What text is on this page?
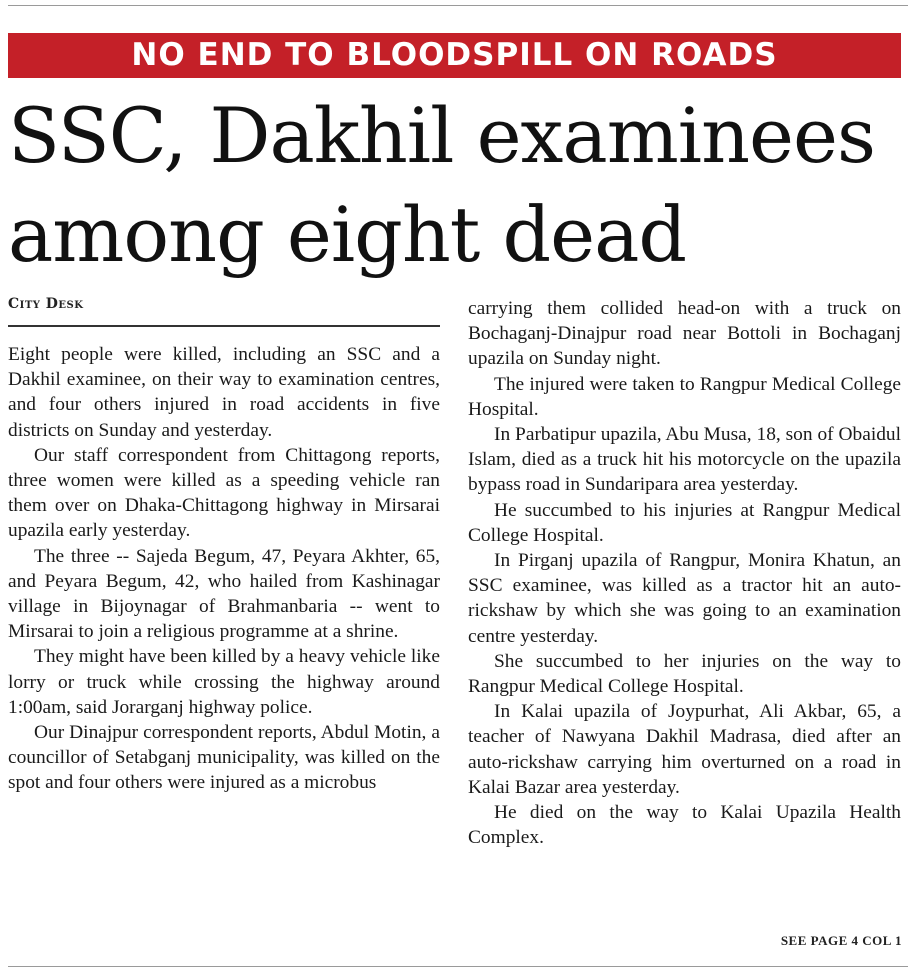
NO END TO BLOODSPILL ON ROADS
SSC, Dakhil examinees
among eight dead
City Desk

Eight people were killed, including an SSC and a Dakhil examinee, on their way to examination centres, and four others injured in road accidents in five districts on Sunday and yesterday.

Our staff correspondent from Chittagong reports, three women were killed as a speeding vehicle ran them over on Dhaka-Chittagong highway in Mirsarai upazila early yesterday.

The three -- Sajeda Begum, 47, Peyara Akhter, 65, and Peyara Begum, 42, who hailed from Kashinagar village in Bijoynagar of Brahmanbaria -- went to Mirsarai to join a religious programme at a shrine.

They might have been killed by a heavy vehicle like lorry or truck while crossing the highway around 1:00am, said Jorarganj highway police.

Our Dinajpur correspondent reports, Abdul Motin, a councillor of Setabganj municipality, was killed on the spot and four others were injured as a microbus

carrying them collided head-on with a truck on Bochaganj-Dinajpur road near Bottoli in Bochaganj upazila on Sunday night.

The injured were taken to Rangpur Medical College Hospital.

In Parbatipur upazila, Abu Musa, 18, son of Obaidul Islam, died as a truck hit his motorcycle on the upazila bypass road in Sundaripara area yesterday.

He succumbed to his injuries at Rangpur Medical College Hospital.

In Pirganj upazila of Rangpur, Monira Khatun, an SSC examinee, was killed as a tractor hit an auto-rickshaw by which she was going to an examination centre yesterday.

She succumbed to her injuries on the way to Rangpur Medical College Hospital.

In Kalai upazila of Joypurhat, Ali Akbar, 65, a teacher of Nawyana Dakhil Madrasa, died after an auto-rickshaw carrying him overturned on a road in Kalai Bazar area yesterday.

He died on the way to Kalai Upazila Health Complex.

SEE PAGE 4 COL 1
